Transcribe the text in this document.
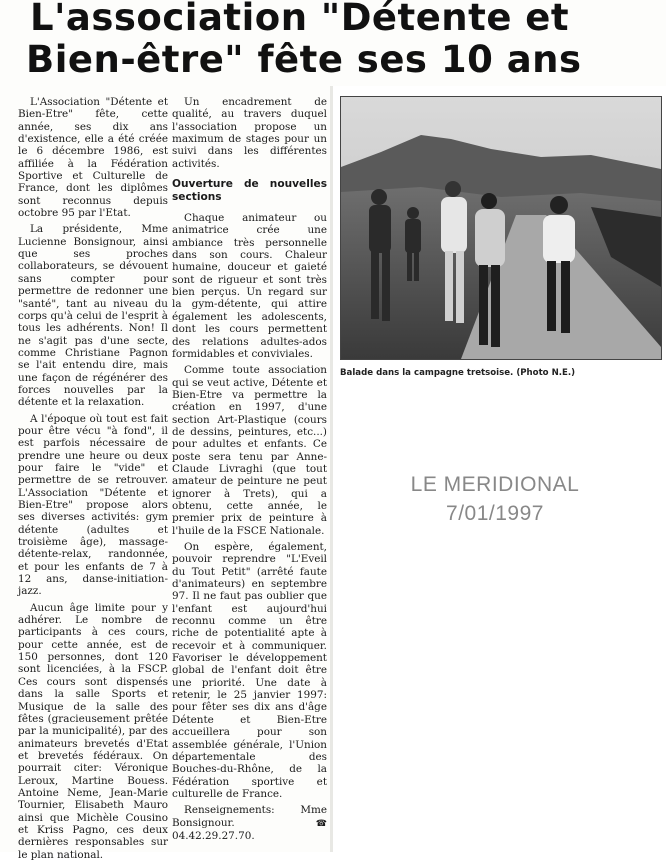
L'association "Détente et
Bien-être" fête ses 10 ans

L'Association "Détente et Bien-Etre" fête, cette année, ses dix ans d'existence, elle a été créée le 6 décembre 1986, est affiliée à la Fédération Sportive et Culturelle de France, dont les diplômes sont reconnus depuis octobre 95 par l'Etat.

La présidente, Mme Lucienne Bonsignour, ainsi que ses proches collaborateurs, se dévouent sans compter pour permettre de redonner une "santé", tant au niveau du corps qu'à celui de l'esprit à tous les adhérents. Non! Il ne s'agit pas d'une secte, comme Christiane Pagnon se l'ait entendu dire, mais une façon de régénérer des forces nouvelles par la détente et la relaxation.

A l'époque où tout est fait pour être vécu "à fond", il est parfois nécessaire de prendre une heure ou deux pour faire le "vide" et permettre de se retrouver. L'Association "Détente et Bien-Etre" propose alors ses diverses activités: gym détente (adultes et troisième âge), massage-détente-relax, randonnée, et pour les enfants de 7 à 12 ans, danse-initiation-jazz.

Aucun âge limite pour y adhérer. Le nombre de participants à ces cours, pour cette année, est de 150 personnes, dont 120 sont licenciées, à la FSCP. Ces cours sont dispensés dans la salle Sports et Musique de la salle des fêtes (gracieusement prêtée par la municipalité), par des animateurs brevetés d'Etat et brevetés fédéraux. On pourrait citer: Véronique Leroux, Martine Bouess. Antoine Neme, Jean-Marie Tournier, Elisabeth Mauro ainsi que Michèle Cousino et Kriss Pagno, ces deux dernières responsables sur le plan national.

Un encadrement de qualité, au travers duquel l'association propose un maximum de stages pour un suivi dans les différentes activités.

Ouverture de nouvelles sections

Chaque animateur ou animatrice crée une ambiance très personnelle dans son cours. Chaleur humaine, douceur et gaieté sont de rigueur et sont très bien perçus. Un regard sur la gym-détente, qui attire également les adolescents, dont les cours permettent des relations adultes-ados formidables et conviviales.

Comme toute association qui se veut active, Détente et Bien-Etre va permettre la création en 1997, d'une section Art-Plastique (cours de dessins, peintures, etc...) pour adultes et enfants. Ce poste sera tenu par Anne-Claude Livraghi (que tout amateur de peinture ne peut ignorer à Trets), qui a obtenu, cette année, le premier prix de peinture à l'huile de la FSCE Nationale.

On espère, également, pouvoir reprendre "L'Eveil du Tout Petit" (arrêté faute d'animateurs) en septembre 97. Il ne faut pas oublier que l'enfant est aujourd'hui reconnu comme un être riche de potentialité apte à recevoir et à communiquer. Favoriser le développement global de l'enfant doit être une priorité. Une date à retenir, le 25 janvier 1997: pour fêter ses dix ans d'âge Détente et Bien-Etre accueillera pour son assemblée générale, l'Union départementale des Bouches-du-Rhône, de la Fédération sportive et culturelle de France.

Renseignements: Mme Bonsignour.	☎ 04.42.29.27.70.

Balade dans la campagne tretsoise. (Photo N.E.)
LE MERIDIONAL
7/01/1997
